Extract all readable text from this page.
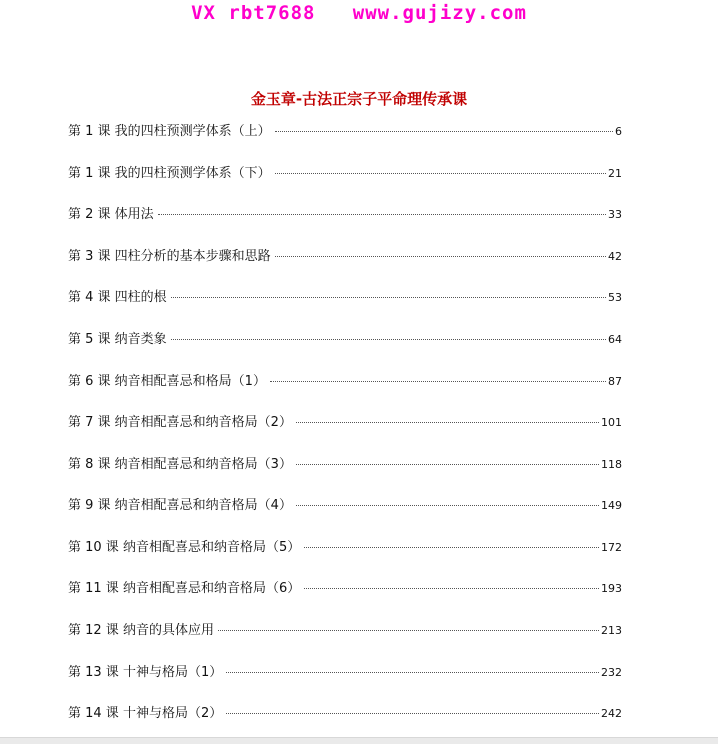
VX rbt7688   www.gujizy.com
金玉章-古法正宗子平命理传承课
第 1 课 我的四柱预测学体系（上）	6
第 1 课 我的四柱预测学体系（下）	21
第 2 课 体用法	33
第 3 课 四柱分析的基本步骤和思路	42
第 4 课 四柱的根	53
第 5 课 纳音类象	64
第 6 课 纳音相配喜忌和格局（1）	87
第 7 课 纳音相配喜忌和纳音格局（2）	101
第 8 课 纳音相配喜忌和纳音格局（3）	118
第 9 课 纳音相配喜忌和纳音格局（4）	149
第 10 课 纳音相配喜忌和纳音格局（5）	172
第 11 课 纳音相配喜忌和纳音格局（6）	193
第 12 课 纳音的具体应用	213
第 13 课 十神与格局（1）	232
第 14 课 十神与格局（2）	242
